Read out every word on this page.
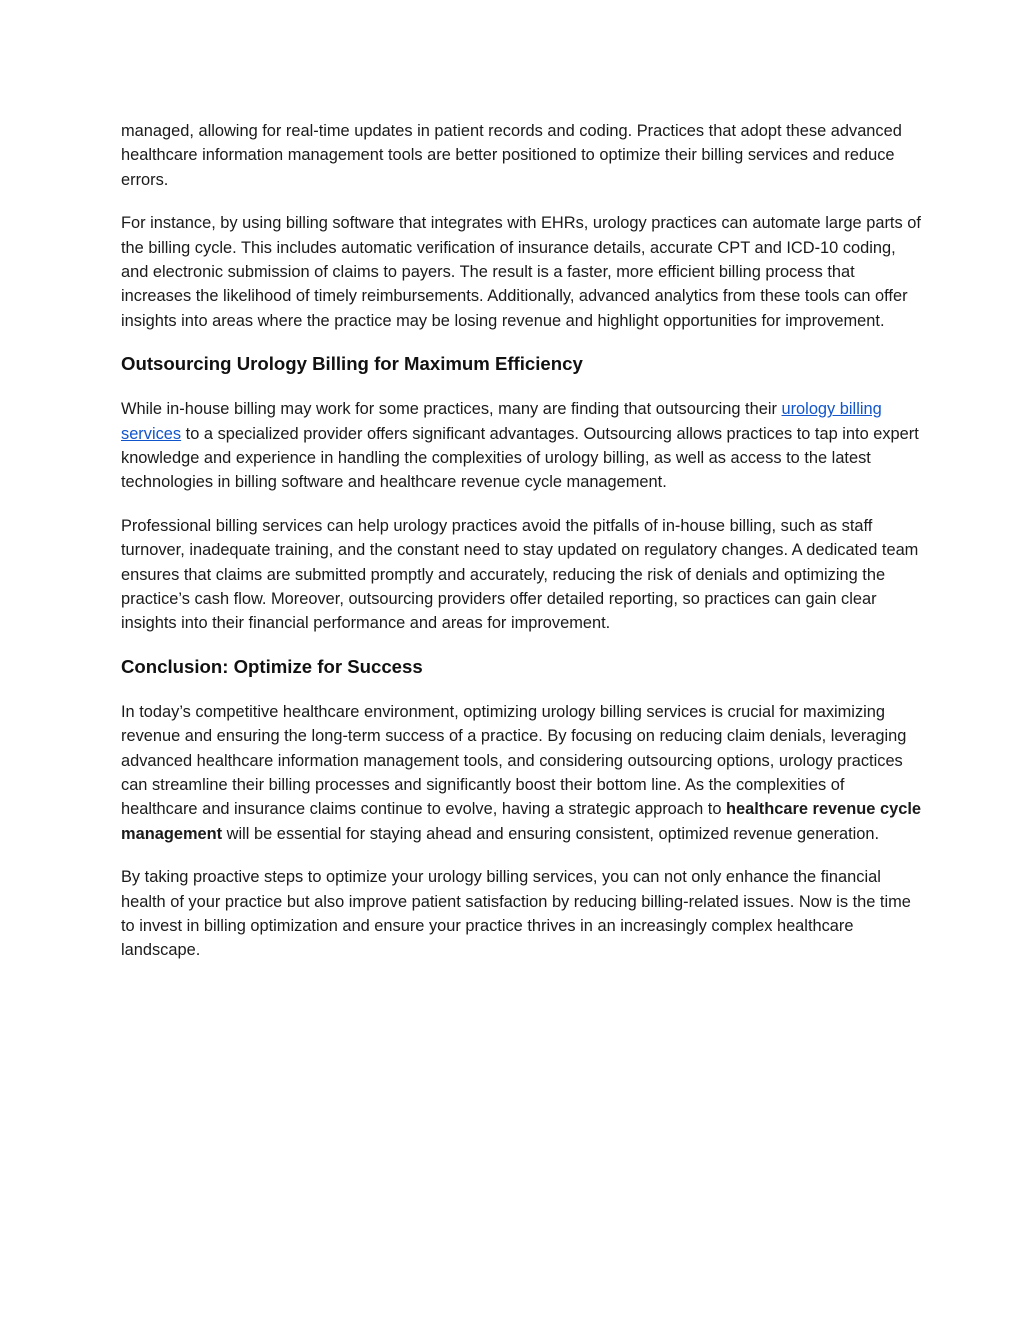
managed, allowing for real-time updates in patient records and coding. Practices that adopt these advanced healthcare information management tools are better positioned to optimize their billing services and reduce errors.

For instance, by using billing software that integrates with EHRs, urology practices can automate large parts of the billing cycle. This includes automatic verification of insurance details, accurate CPT and ICD-10 coding, and electronic submission of claims to payers. The result is a faster, more efficient billing process that increases the likelihood of timely reimbursements. Additionally, advanced analytics from these tools can offer insights into areas where the practice may be losing revenue and highlight opportunities for improvement.

Outsourcing Urology Billing for Maximum Efficiency

While in-house billing may work for some practices, many are finding that outsourcing their urology billing services to a specialized provider offers significant advantages. Outsourcing allows practices to tap into expert knowledge and experience in handling the complexities of urology billing, as well as access to the latest technologies in billing software and healthcare revenue cycle management.

Professional billing services can help urology practices avoid the pitfalls of in-house billing, such as staff turnover, inadequate training, and the constant need to stay updated on regulatory changes. A dedicated team ensures that claims are submitted promptly and accurately, reducing the risk of denials and optimizing the practice’s cash flow. Moreover, outsourcing providers offer detailed reporting, so practices can gain clear insights into their financial performance and areas for improvement.

Conclusion: Optimize for Success

In today’s competitive healthcare environment, optimizing urology billing services is crucial for maximizing revenue and ensuring the long-term success of a practice. By focusing on reducing claim denials, leveraging advanced healthcare information management tools, and considering outsourcing options, urology practices can streamline their billing processes and significantly boost their bottom line. As the complexities of healthcare and insurance claims continue to evolve, having a strategic approach to healthcare revenue cycle management will be essential for staying ahead and ensuring consistent, optimized revenue generation.

By taking proactive steps to optimize your urology billing services, you can not only enhance the financial health of your practice but also improve patient satisfaction by reducing billing-related issues. Now is the time to invest in billing optimization and ensure your practice thrives in an increasingly complex healthcare landscape.
